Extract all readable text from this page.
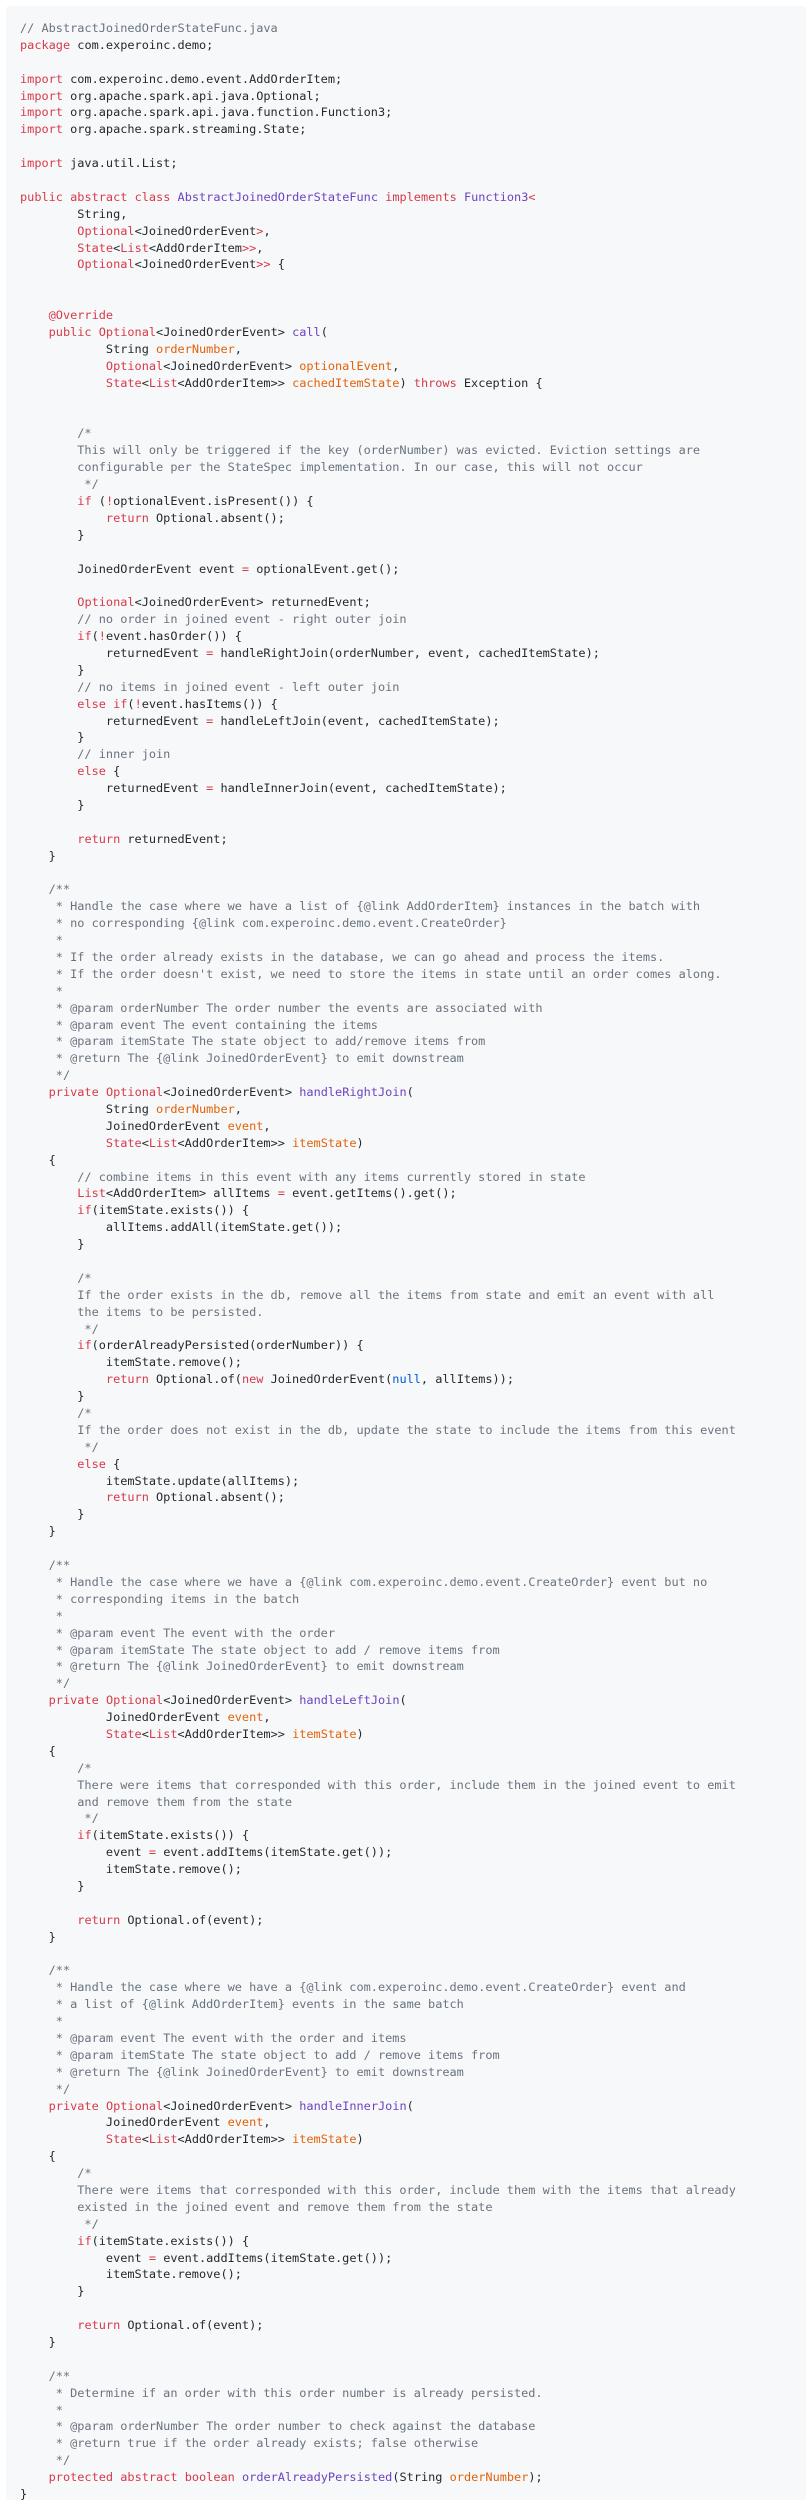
// AbstractJoinedOrderStateFunc.java
package com.experoinc.demo;
import com.experoinc.demo.event.AddOrderItem;
import org.apache.spark.api.java.Optional;
import org.apache.spark.api.java.function.Function3;
import org.apache.spark.streaming.State;
import java.util.List;
public abstract class AbstractJoinedOrderStateFunc implements Function3<
String,
Optional<JoinedOrderEvent>,
State<List<AddOrderItem>>,
Optional<JoinedOrderEvent>> {
@Override
public Optional<JoinedOrderEvent> call(
String orderNumber,
Optional<JoinedOrderEvent> optionalEvent,
State<List<AddOrderItem>> cachedItemState) throws Exception {
/*
This will only be triggered if the key (orderNumber) was evicted. Eviction settings are
configurable per the StateSpec implementation. In our case, this will not occur
*/
if (!optionalEvent.isPresent()) {
return Optional.absent();
}
JoinedOrderEvent event = optionalEvent.get();
Optional<JoinedOrderEvent> returnedEvent;
// no order in joined event - right outer join
if(!event.hasOrder()) {
returnedEvent = handleRightJoin(orderNumber, event, cachedItemState);
}
// no items in joined event - left outer join
else if(!event.hasItems()) {
returnedEvent = handleLeftJoin(event, cachedItemState);
}
// inner join
else {
returnedEvent = handleInnerJoin(event, cachedItemState);
}
return returnedEvent;
}
/**
* Handle the case where we have a list of {@link AddOrderItem} instances in the batch with
* no corresponding {@link com.experoinc.demo.event.CreateOrder}
*
* If the order already exists in the database, we can go ahead and process the items.
* If the order doesn't exist, we need to store the items in state until an order comes along.
*
* @param orderNumber The order number the events are associated with
* @param event The event containing the items
* @param itemState The state object to add/remove items from
* @return The {@link JoinedOrderEvent} to emit downstream
*/
private Optional<JoinedOrderEvent> handleRightJoin(
String orderNumber,
JoinedOrderEvent event,
State<List<AddOrderItem>> itemState)
{
// combine items in this event with any items currently stored in state
List<AddOrderItem> allItems = event.getItems().get();
if(itemState.exists()) {
allItems.addAll(itemState.get());
}
/*
If the order exists in the db, remove all the items from state and emit an event with all
the items to be persisted.
*/
if(orderAlreadyPersisted(orderNumber)) {
itemState.remove();
return Optional.of(new JoinedOrderEvent(null, allItems));
}
/*
If the order does not exist in the db, update the state to include the items from this event
*/
else {
itemState.update(allItems);
return Optional.absent();
}
}
/**
* Handle the case where we have a {@link com.experoinc.demo.event.CreateOrder} event but no
* corresponding items in the batch
*
* @param event The event with the order
* @param itemState The state object to add / remove items from
* @return The {@link JoinedOrderEvent} to emit downstream
*/
private Optional<JoinedOrderEvent> handleLeftJoin(
JoinedOrderEvent event,
State<List<AddOrderItem>> itemState)
{
/*
There were items that corresponded with this order, include them in the joined event to emit
and remove them from the state
*/
if(itemState.exists()) {
event = event.addItems(itemState.get());
itemState.remove();
}
return Optional.of(event);
}
/**
* Handle the case where we have a {@link com.experoinc.demo.event.CreateOrder} event and
* a list of {@link AddOrderItem} events in the same batch
*
* @param event The event with the order and items
* @param itemState The state object to add / remove items from
* @return The {@link JoinedOrderEvent} to emit downstream
*/
private Optional<JoinedOrderEvent> handleInnerJoin(
JoinedOrderEvent event,
State<List<AddOrderItem>> itemState)
{
/*
There were items that corresponded with this order, include them with the items that already
existed in the joined event and remove them from the state
*/
if(itemState.exists()) {
event = event.addItems(itemState.get());
itemState.remove();
}
return Optional.of(event);
}
/**
* Determine if an order with this order number is already persisted.
*
* @param orderNumber The order number to check against the database
* @return true if the order already exists; false otherwise
*/
protected abstract boolean orderAlreadyPersisted(String orderNumber);
}
